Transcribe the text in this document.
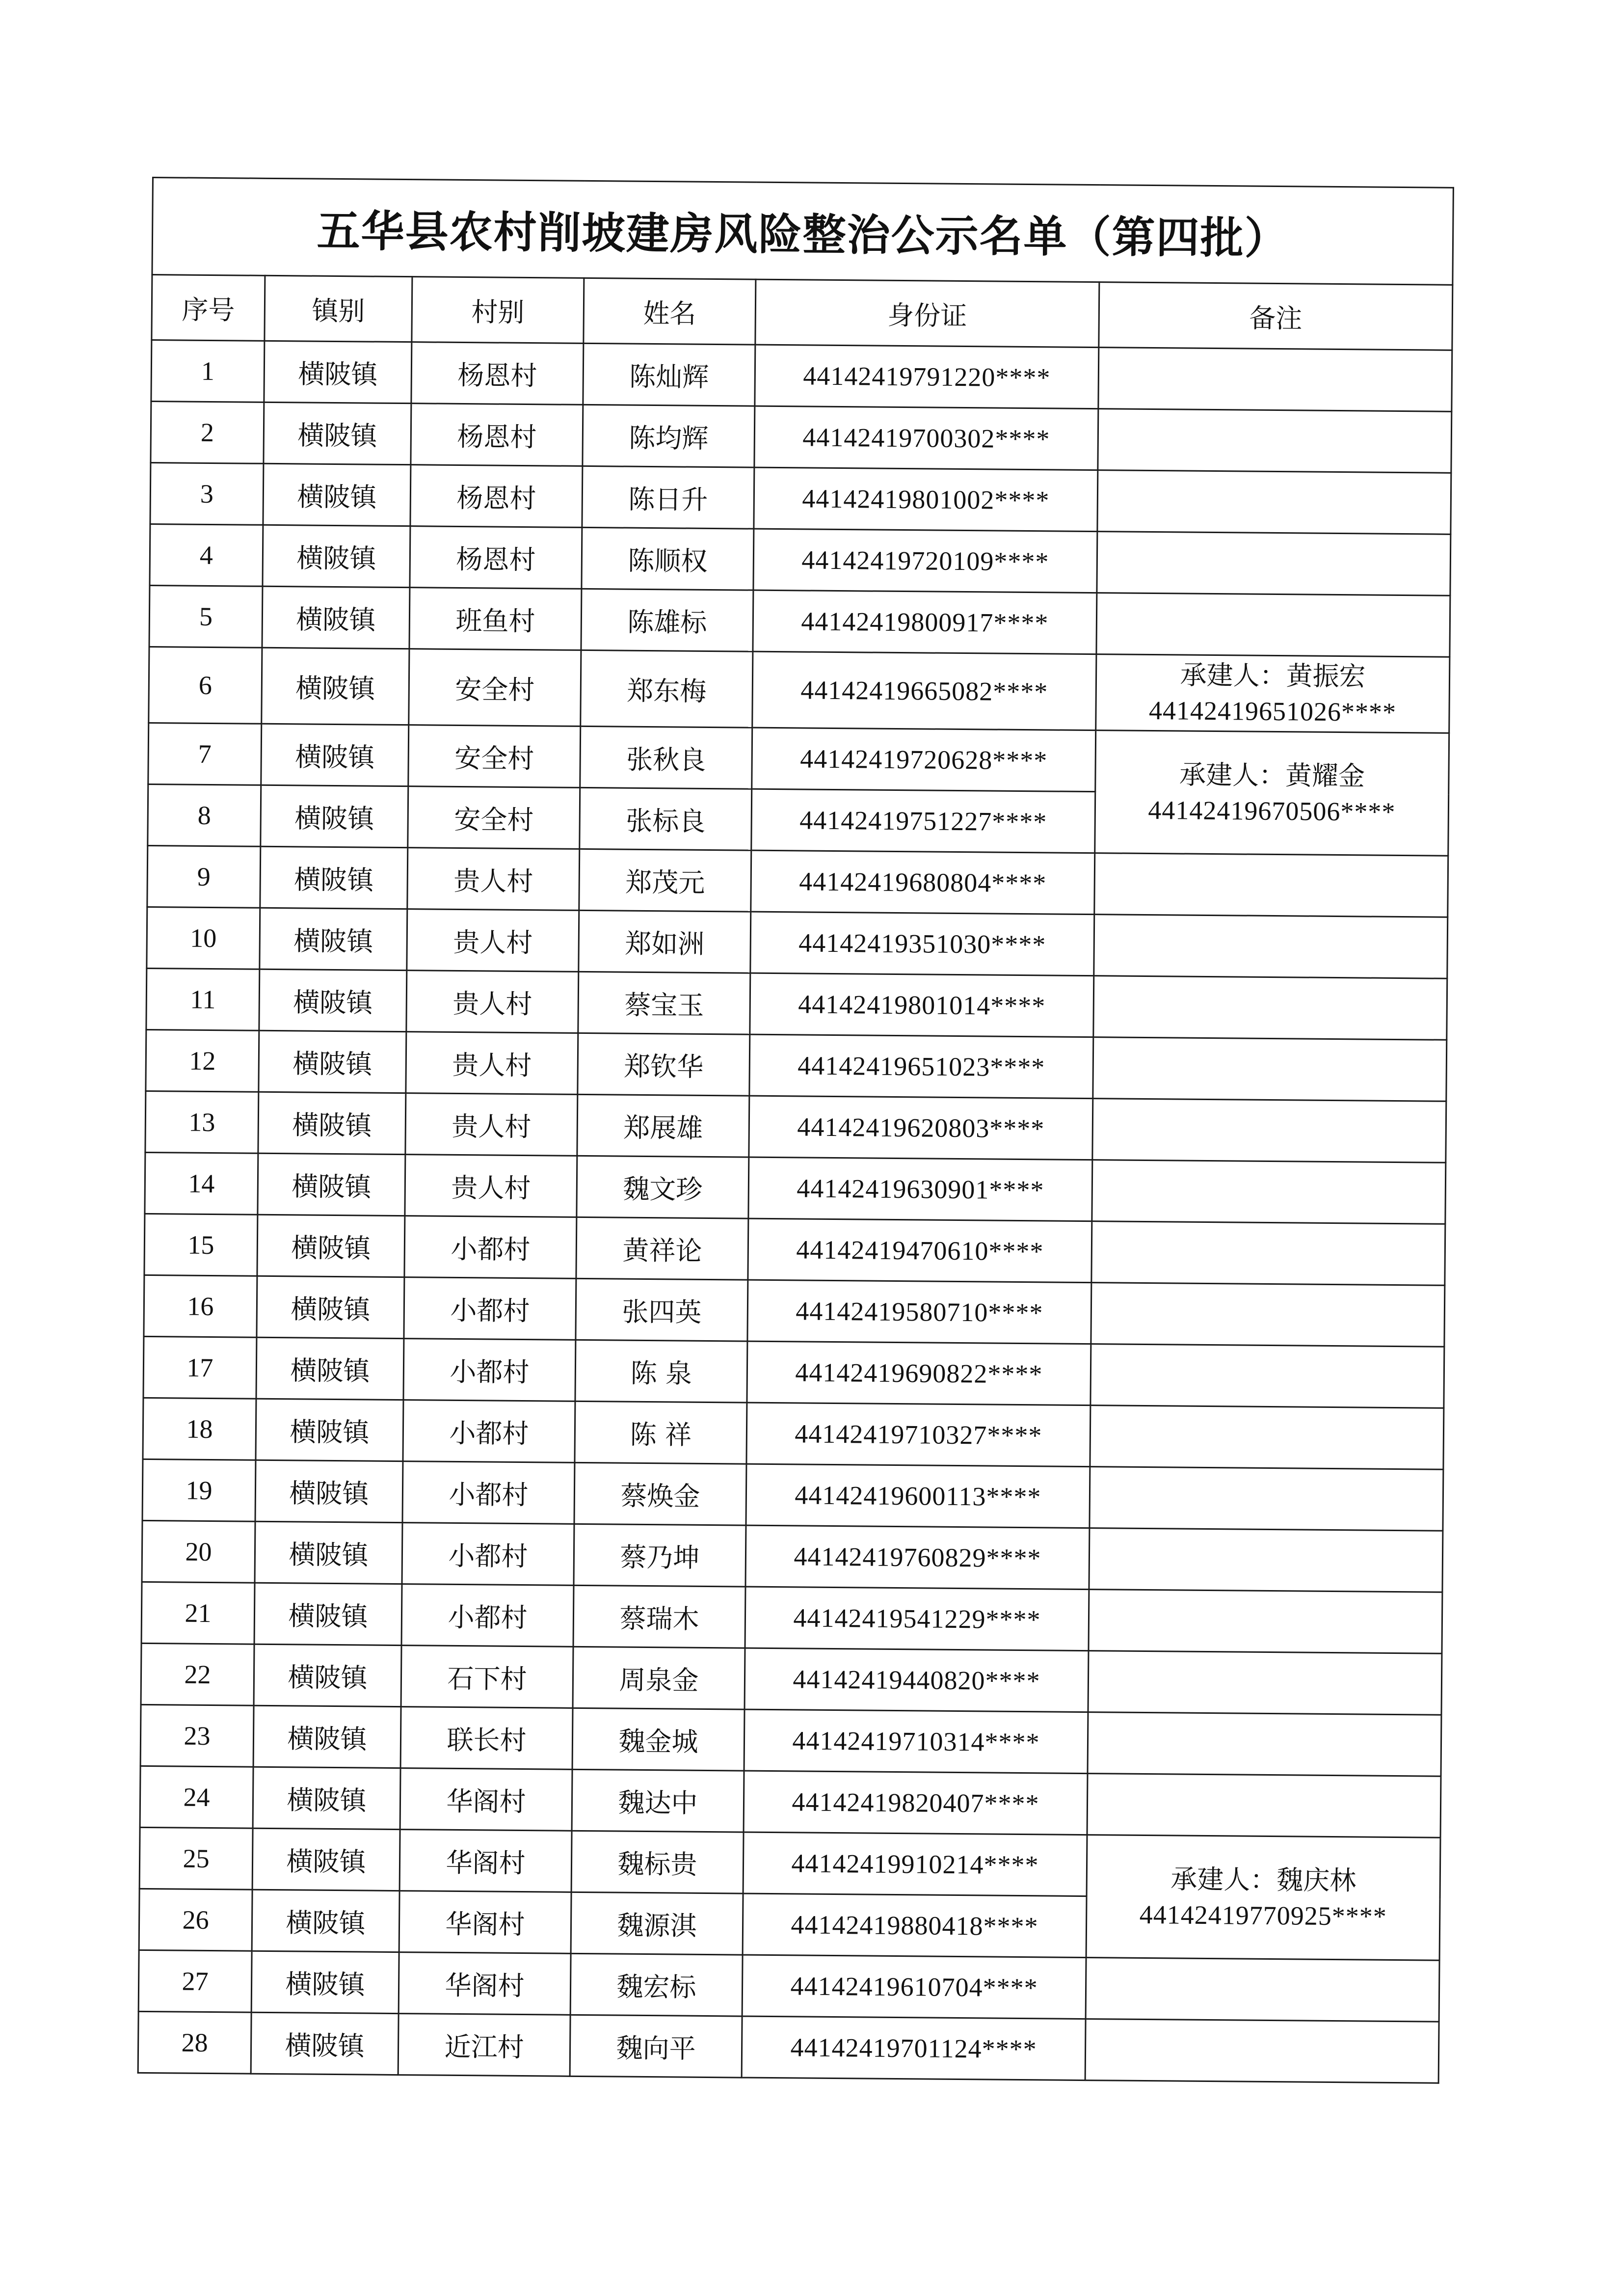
五华县农村削坡建房风险整治公示名单（第四批）					
序号	镇别	村别	姓名	身份证	备注
1	横陂镇	杨恩村	陈灿辉	44142419791220****	
2	横陂镇	杨恩村	陈均辉	44142419700302****	
3	横陂镇	杨恩村	陈日升	44142419801002****	
4	横陂镇	杨恩村	陈顺权	44142419720109****	
5	横陂镇	班鱼村	陈雄标	44142419800917****	
6	横陂镇	安全村	郑东梅	44142419665082****	承建人：黄振宏
44142419651026****

7	横陂镇	安全村	张秋良	44142419720628****	承建人：黄耀金
44142419670506****

8	横陂镇	安全村	张标良	44142419751227****	
9	横陂镇	贵人村	郑茂元	44142419680804****	
10	横陂镇	贵人村	郑如洲	44142419351030****	
11	横陂镇	贵人村	蔡宝玉	44142419801014****	
12	横陂镇	贵人村	郑钦华	44142419651023****	
13	横陂镇	贵人村	郑展雄	44142419620803****	
14	横陂镇	贵人村	魏文珍	44142419630901****	
15	横陂镇	小都村	黄祥论	44142419470610****	
16	横陂镇	小都村	张四英	44142419580710****	
17	横陂镇	小都村	陈 泉	44142419690822****	
18	横陂镇	小都村	陈 祥	44142419710327****	
19	横陂镇	小都村	蔡焕金	44142419600113****	
20	横陂镇	小都村	蔡乃坤	44142419760829****	
21	横陂镇	小都村	蔡瑞木	44142419541229****	
22	横陂镇	石下村	周泉金	44142419440820****	
23	横陂镇	联长村	魏金城	44142419710314****	
24	横陂镇	华阁村	魏达中	44142419820407****	
25	横陂镇	华阁村	魏标贵	44142419910214****	承建人：魏庆林
44142419770925****

26	横陂镇	华阁村	魏源淇	44142419880418****	
27	横陂镇	华阁村	魏宏标	44142419610704****	
28	横陂镇	近江村	魏向平	44142419701124****	
